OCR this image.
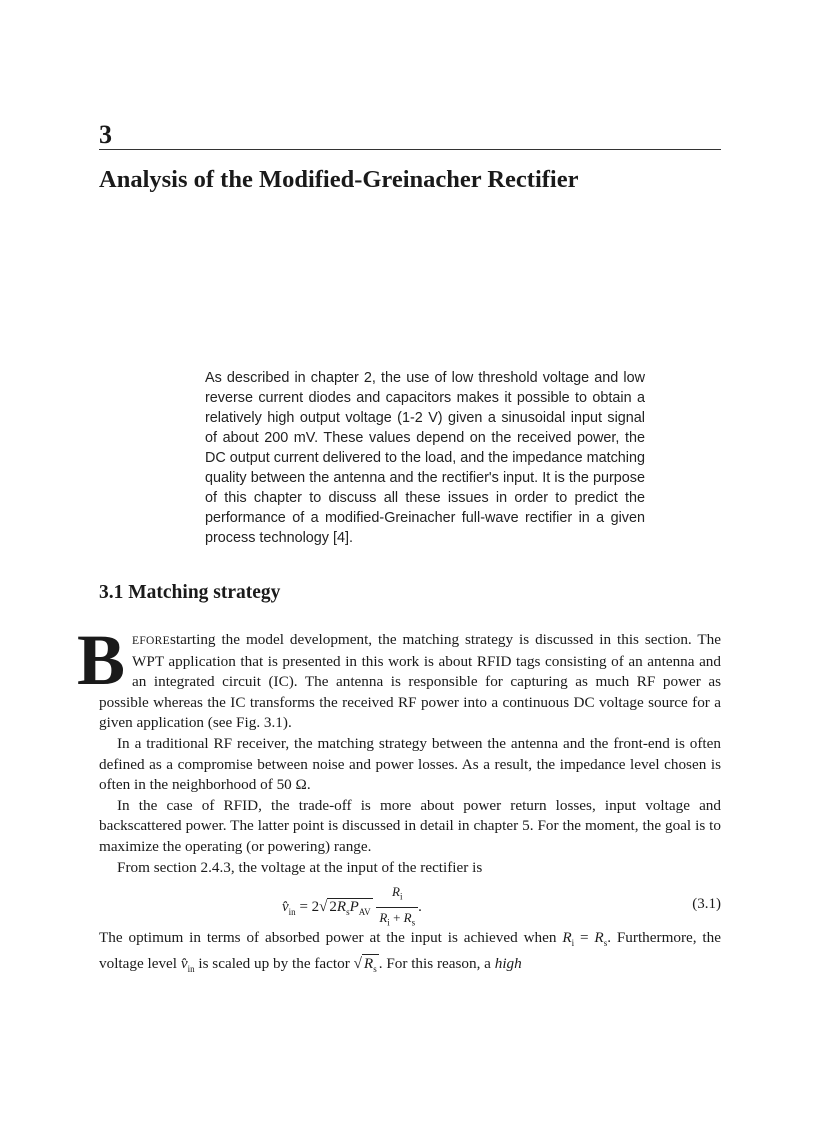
3
Analysis of the Modified-Greinacher Rectifier

As described in chapter 2, the use of low threshold voltage and low reverse current diodes and capacitors makes it possible to obtain a relatively high output voltage (1-2 V) given a sinusoidal input signal of about 200 mV. These values depend on the received power, the DC output current delivered to the load, and the impedance matching quality between the antenna and the rectifier's input. It is the purpose of this chapter to discuss all these issues in order to predict the performance of a modified-Greinacher full-wave rectifier in a given process technology [4].

3.1 Matching strategy

BEFOREstarting the model development, the matching strategy is discussed in this section. The WPT application that is presented in this work is about RFID tags consisting of an antenna and an integrated circuit (IC). The antenna is responsible for capturing as much RF power as possible whereas the IC transforms the received RF power into a continuous DC voltage source for a given application (see Fig. 3.1).

In a traditional RF receiver, the matching strategy between the antenna and the front-end is often defined as a compromise between noise and power losses. As a result, the impedance level chosen is often in the neighborhood of 50 Ω.

In the case of RFID, the trade-off is more about power return losses, input voltage and backscattered power. The latter point is discussed in detail in chapter 5. For the moment, the goal is to maximize the operating (or powering) range.

From section 2.4.3, the voltage at the input of the rectifier is

$v̂_{in} = 2√$ $2R_sP_{AV} \frac{R_i}{R_i + R_s}$ .	(3.1)

The optimum in terms of absorbed power at the input is achieved when $R_i = R_s$. Furthermore, the voltage level $v̂_{in}$ is scaled up by the factor √ $R_s$ . For this reason, a high
